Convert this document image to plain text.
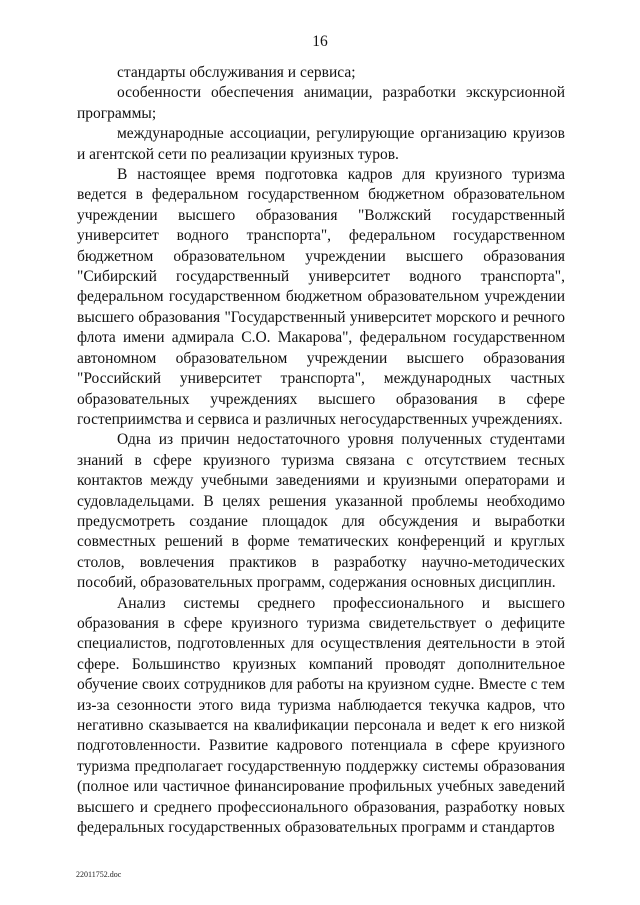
16

стандарты обслуживания и сервиса;

особенности обеспечения анимации, разработки экскурсионной программы;

международные ассоциации, регулирующие организацию круизов и агентской сети по реализации круизных туров.

В настоящее время подготовка кадров для круизного туризма ведется в федеральном государственном бюджетном образовательном учреждении высшего образования "Волжский государственный университет водного транспорта", федеральном государственном бюджетном образовательном учреждении высшего образования "Сибирский государственный университет водного транспорта", федеральном государственном бюджетном образовательном учреждении высшего образования "Государственный университет морского и речного флота имени адмирала С.О. Макарова", федеральном государственном автономном образовательном учреждении высшего образования "Российский университет транспорта", международных частных образовательных учреждениях высшего образования в сфере гостеприимства и сервиса и различных негосударственных учреждениях.

Одна из причин недостаточного уровня полученных студентами знаний в сфере круизного туризма связана с отсутствием тесных контактов между учебными заведениями и круизными операторами и судовладельцами. В целях решения указанной проблемы необходимо предусмотреть создание площадок для обсуждения и выработки совместных решений в форме тематических конференций и круглых столов, вовлечения практиков в разработку научно-методических пособий, образовательных программ, содержания основных дисциплин.

Анализ системы среднего профессионального и высшего образования в сфере круизного туризма свидетельствует о дефиците специалистов, подготовленных для осуществления деятельности в этой сфере. Большинство круизных компаний проводят дополнительное обучение своих сотрудников для работы на круизном судне. Вместе с тем из-за сезонности этого вида туризма наблюдается текучка кадров, что негативно сказывается на квалификации персонала и ведет к его низкой подготовленности. Развитие кадрового потенциала в сфере круизного туризма предполагает государственную поддержку системы образования (полное или частичное финансирование профильных учебных заведений высшего и среднего профессионального образования, разработку новых федеральных государственных образовательных программ и стандартов

22011752.doc
